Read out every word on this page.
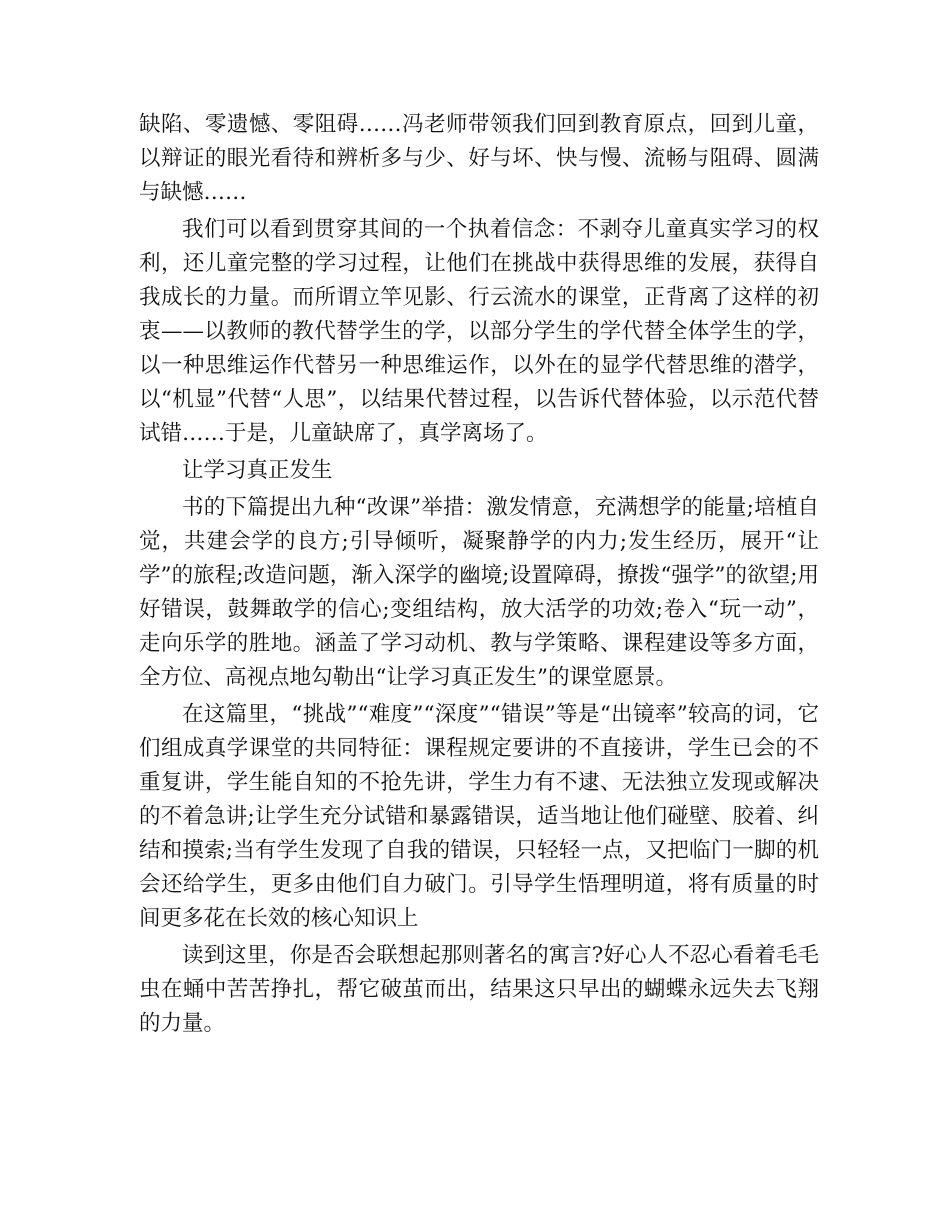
缺陷、零遗憾、零阻碍……冯老师带领我们回到教育原点，回到儿童，以辩证的眼光看待和辨析多与少、好与坏、快与慢、流畅与阻碍、圆满与缺憾……

我们可以看到贯穿其间的一个执着信念：不剥夺儿童真实学习的权利，还儿童完整的学习过程，让他们在挑战中获得思维的发展，获得自我成长的力量。而所谓立竿见影、行云流水的课堂，正背离了这样的初衷——以教师的教代替学生的学，以部分学生的学代替全体学生的学，以一种思维运作代替另一种思维运作，以外在的显学代替思维的潜学，以“机显”代替“人思”，以结果代替过程，以告诉代替体验，以示范代替试错……于是，儿童缺席了，真学离场了。

让学习真正发生

书的下篇提出九种“改课”举措：激发情意，充满想学的能量;培植自觉，共建会学的良方;引导倾听，凝聚静学的内力;发生经历，展开“让学”的旅程;改造问题，渐入深学的幽境;设置障碍，撩拨“强学”的欲望;用好错误，鼓舞敢学的信心;变组结构，放大活学的功效;卷入“玩一动”，走向乐学的胜地。涵盖了学习动机、教与学策略、课程建设等多方面，全方位、高视点地勾勒出“让学习真正发生”的课堂愿景。

在这篇里，“挑战”“难度”“深度”“错误”等是“出镜率”较高的词，它们组成真学课堂的共同特征：课程规定要讲的不直接讲，学生已会的不重复讲，学生能自知的不抢先讲，学生力有不逮、无法独立发现或解决的不着急讲;让学生充分试错和暴露错误，适当地让他们碰壁、胶着、纠结和摸索;当有学生发现了自我的错误，只轻轻一点，又把临门一脚的机会还给学生，更多由他们自力破门。引导学生悟理明道，将有质量的时间更多花在长效的核心知识上

读到这里，你是否会联想起那则著名的寓言?好心人不忍心看着毛毛虫在蛹中苦苦挣扎，帮它破茧而出，结果这只早出的蝴蝶永远失去飞翔的力量。
